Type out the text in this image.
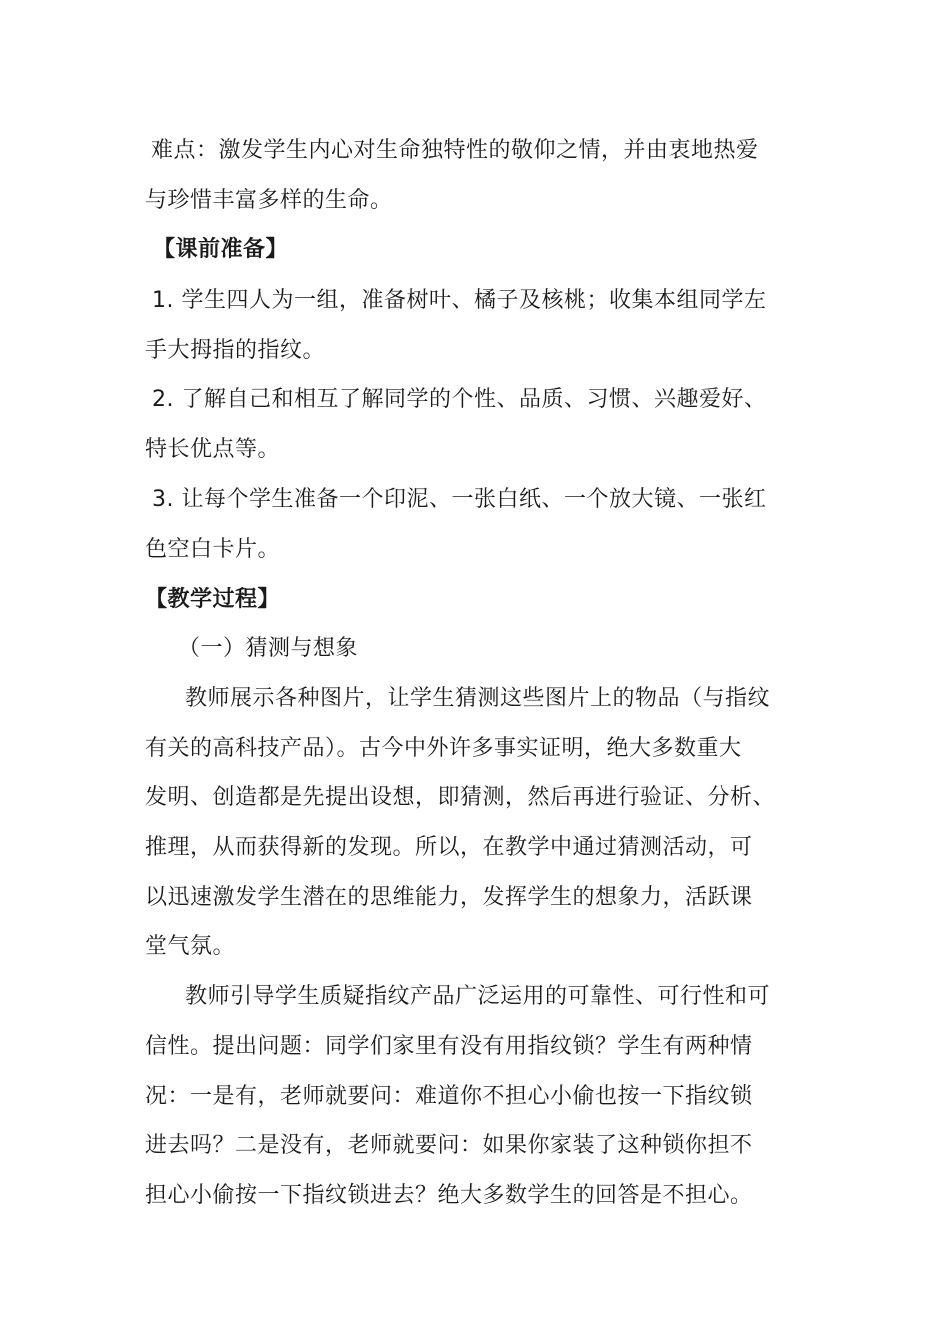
难点：激发学生内心对生命独特性的敬仰之情，并由衷地热爱
与珍惜丰富多样的生命。
【课前准备】
1. 学生四人为一组，准备树叶、橘子及核桃；收集本组同学左
手大拇指的指纹。
2. 了解自己和相互了解同学的个性、品质、习惯、兴趣爱好、
特长优点等。
3. 让每个学生准备一个印泥、一张白纸、一个放大镜、一张红
色空白卡片。
【教学过程】
（一）猜测与想象
教师展示各种图片，让学生猜测这些图片上的物品（与指纹
有关的高科技产品）。古今中外许多事实证明，绝大多数重大
发明、创造都是先提出设想，即猜测，然后再进行验证、分析、
推理，从而获得新的发现。所以，在教学中通过猜测活动，可
以迅速激发学生潜在的思维能力，发挥学生的想象力，活跃课
堂气氛。
教师引导学生质疑指纹产品广泛运用的可靠性、可行性和可
信性。提出问题：同学们家里有没有用指纹锁？学生有两种情
况：一是有，老师就要问：难道你不担心小偷也按一下指纹锁
进去吗？二是没有，老师就要问：如果你家装了这种锁你担不
担心小偷按一下指纹锁进去？绝大多数学生的回答是不担心。
